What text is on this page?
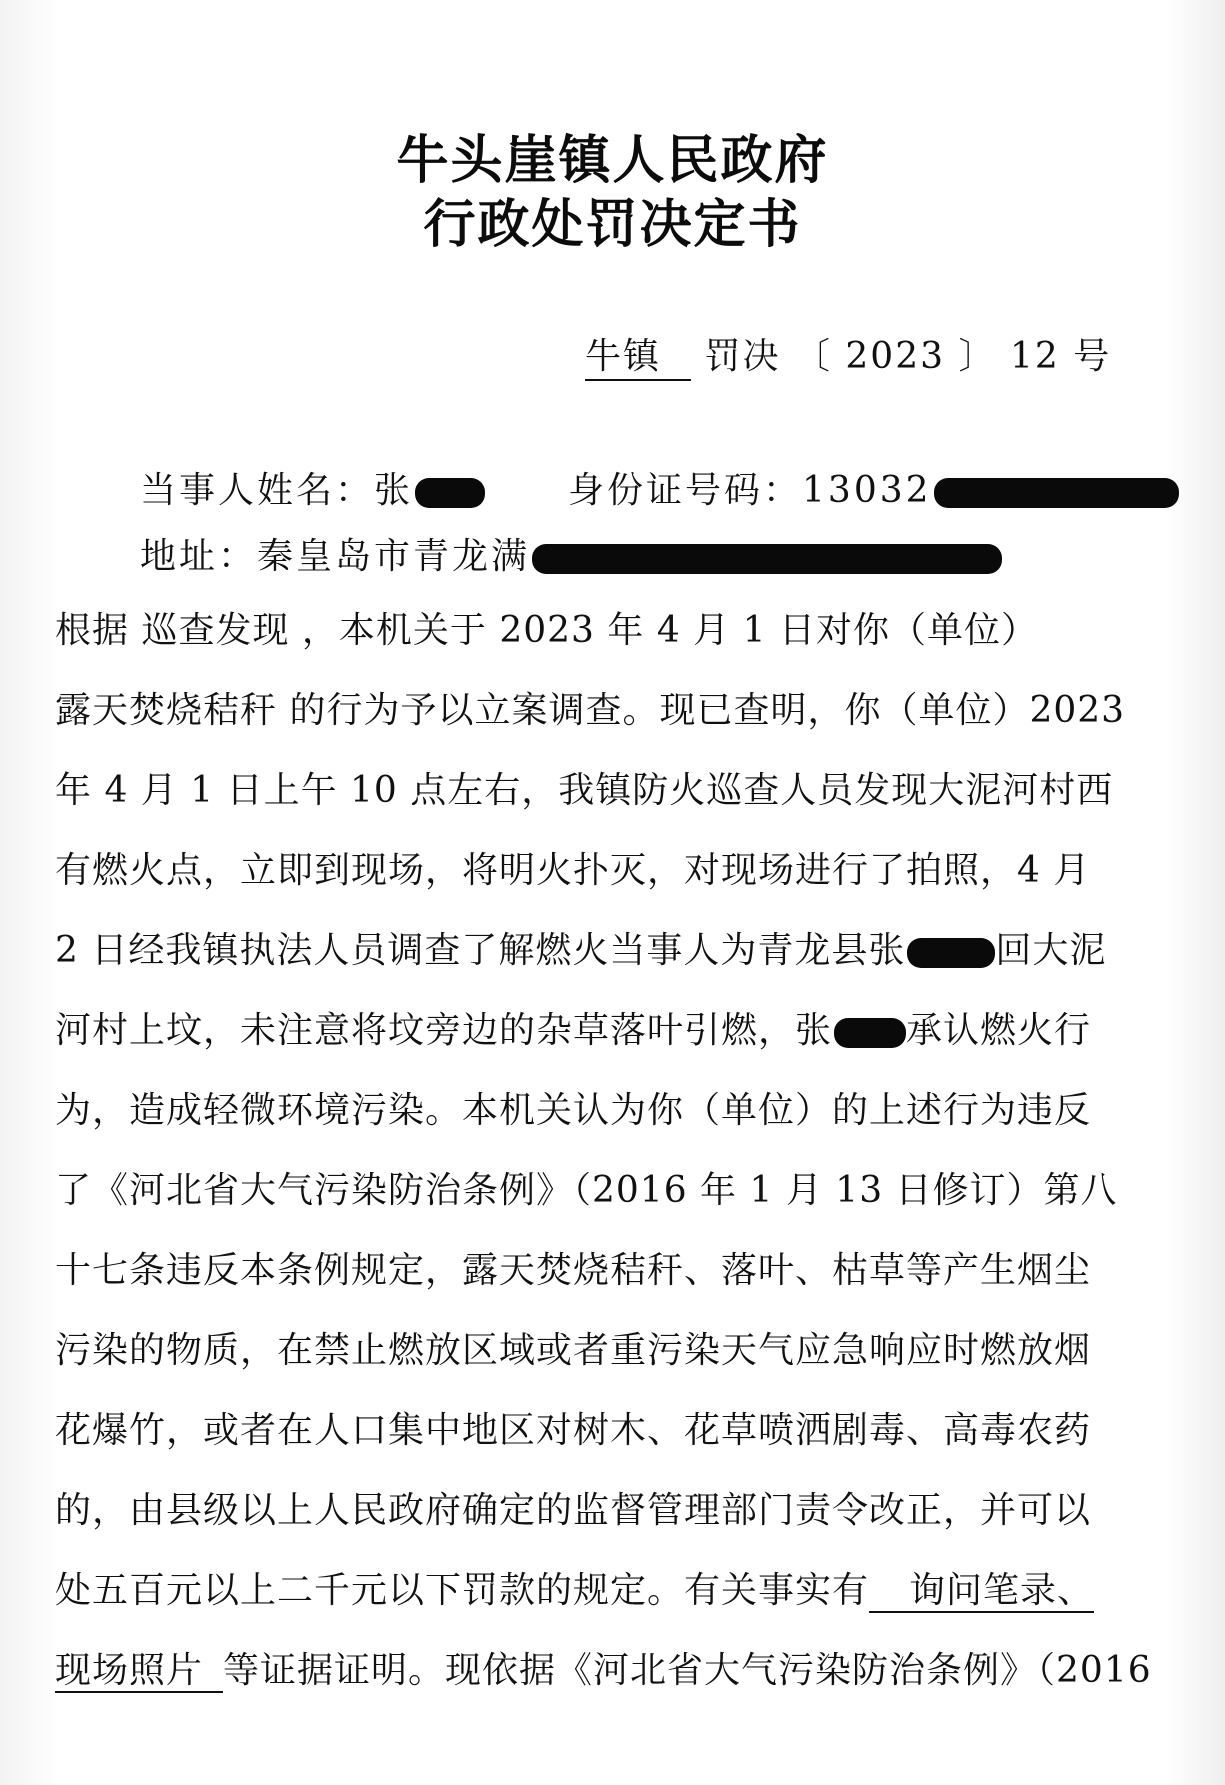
牛头崖镇人民政府
行政处罚决定书
牛镇 罚决 〔 2023 〕 12 号
当事人姓名：张	身份证号码：13032
地址：秦皇岛市青龙满
根据 巡查发现 ，本机关于 2023 年 4 月 1 日对你（单位）
露天焚烧秸秆 的行为予以立案调查。现已查明，你（单位）2023
年 4 月 1 日上午 10 点左右，我镇防火巡查人员发现大泥河村西
有燃火点，立即到现场，将明火扑灭，对现场进行了拍照，4 月
2 日经我镇执法人员调查了解燃火当事人为青龙县张	回大泥
河村上坟，未注意将坟旁边的杂草落叶引燃，张 承认燃火行
为，造成轻微环境污染。本机关认为你（单位）的上述行为违反
了《河北省大气污染防治条例》（2016 年 1 月 13 日修订）第八
十七条违反本条例规定，露天焚烧秸秆、落叶、枯草等产生烟尘
污染的物质，在禁止燃放区域或者重污染天气应急响应时燃放烟
花爆竹，或者在人口集中地区对树木、花草喷洒剧毒、高毒农药
的，由县级以上人民政府确定的监督管理部门责令改正，并可以
处五百元以上二千元以下罚款的规定。有关事实有 询问笔录、
现场照片 等证据证明。现依据《河北省大气污染防治条例》（2016
